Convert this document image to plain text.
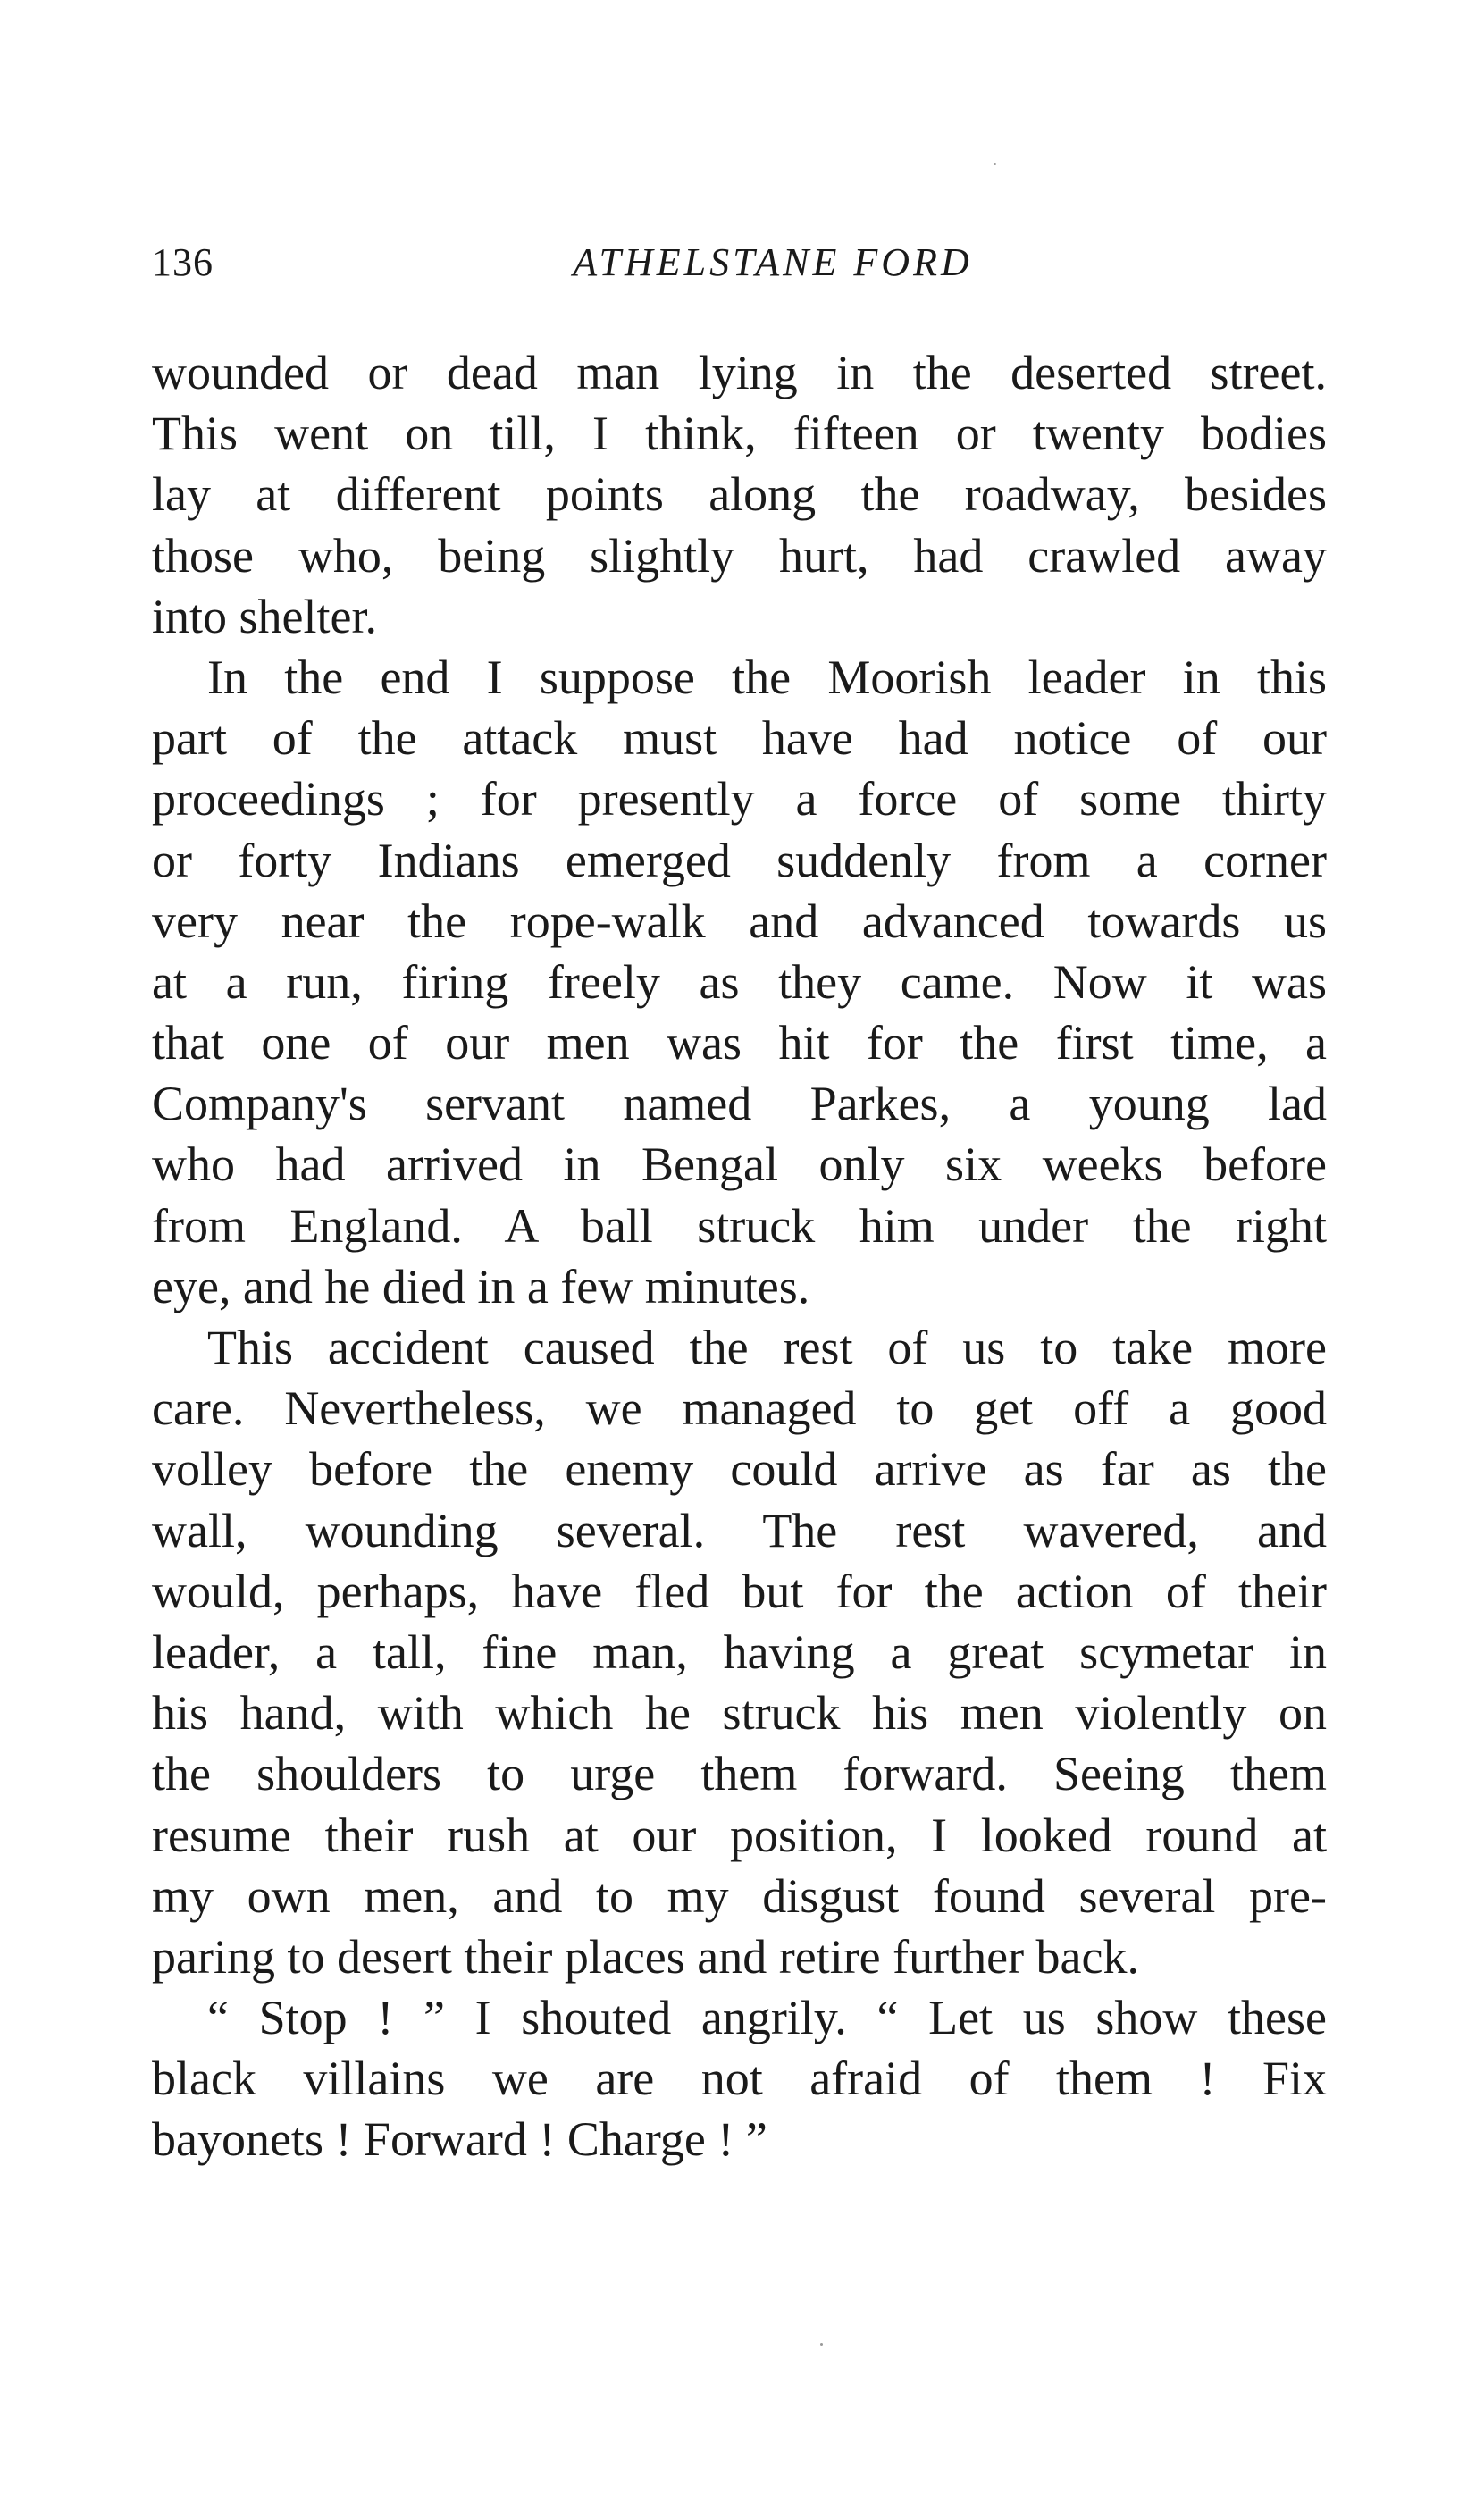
136	ATHELSTANE FORD
wounded or dead man lying in the deserted street.
This went on till, I think, fifteen or twenty bodies
lay at different points along the roadway, besides
those who, being slightly hurt, had crawled away
into shelter.
In the end I suppose the Moorish leader in this
part of the attack must have had notice of our
proceedings ; for presently a force of some thirty
or forty Indians emerged suddenly from a corner
very near the rope-walk and advanced towards us
at a run, firing freely as they came. Now it was
that one of our men was hit for the first time, a
Company's servant named Parkes, a young lad
who had arrived in Bengal only six weeks before
from England. A ball struck him under the right
eye, and he died in a few minutes.
This accident caused the rest of us to take more
care. Nevertheless, we managed to get off a good
volley before the enemy could arrive as far as the
wall, wounding several. The rest wavered, and
would, perhaps, have fled but for the action of their
leader, a tall, fine man, having a great scymetar in
his hand, with which he struck his men violently on
the shoulders to urge them forward. Seeing them
resume their rush at our position, I looked round at
my own men, and to my disgust found several pre-
paring to desert their places and retire further back.
“ Stop ! ” I shouted angrily. “ Let us show these
black villains we are not afraid of them ! Fix
bayonets ! Forward ! Charge ! ”
